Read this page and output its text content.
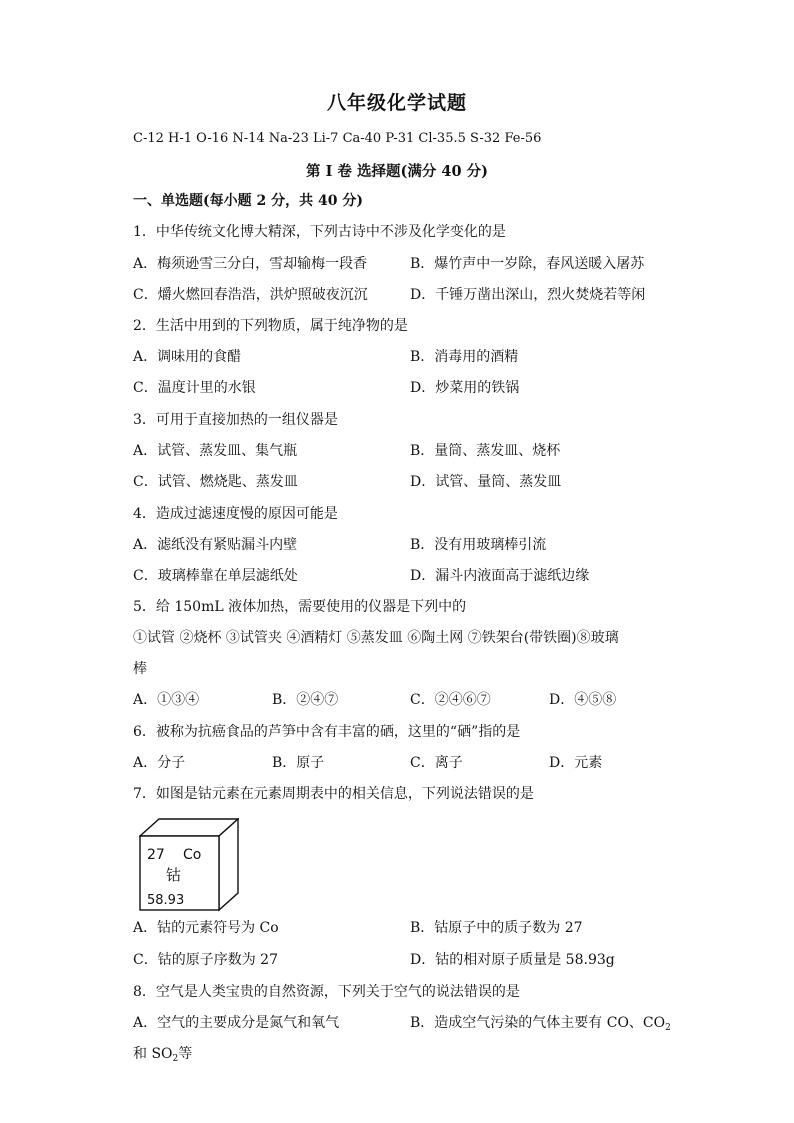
八年级化学试题
C-12 H-1 O-16 N-14 Na-23 Li-7 Ca-40 P-31 Cl-35.5 S-32 Fe-56
第 I 卷 选择题(满分 40 分)
一、单选题(每小题 2 分，共 40 分)
1．中华传统文化博大精深，下列古诗中不涉及化学变化的是
A．梅须逊雪三分白，雪却输梅一段香	B．爆竹声中一岁除，春风送暖入屠苏
C．爝火燃回春浩浩，洪炉照破夜沉沉	D．千锤万凿出深山，烈火焚烧若等闲
2．生活中用到的下列物质，属于纯净物的是
A．调味用的食醋	B．消毒用的酒精
C．温度计里的水银	D．炒菜用的铁锅
3．可用于直接加热的一组仪器是
A．试管、蒸发皿、集气瓶	B．量筒、蒸发皿、烧杯
C．试管、燃烧匙、蒸发皿	D．试管、量筒、蒸发皿
4．造成过滤速度慢的原因可能是
A．滤纸没有紧贴漏斗内壁	B．没有用玻璃棒引流
C．玻璃棒靠在单层滤纸处	D．漏斗内液面高于滤纸边缘
5．给 150mL 液体加热，需要使用的仪器是下列中的
①试管 ②烧杯 ③试管夹 ④酒精灯 ⑤蒸发皿 ⑥陶土网 ⑦铁架台(带铁圈)⑧玻璃
棒
A．①③④	B．②④⑦	C．②④⑥⑦	D．④⑤⑧
6．被称为抗癌食品的芦笋中含有丰富的硒，这里的“硒”指的是
A．分子	B．原子	C．离子	D．元素
7．如图是钴元素在元素周期表中的相关信息，下列说法错误的是
27 Co
钴
58.93
A．钴的元素符号为 Co	B．钴原子中的质子数为 27
C．钴的原子序数为 27	D．钴的相对原子质量是 58.93g
8．空气是人类宝贵的自然资源，下列关于空气的说法错误的是
A．空气的主要成分是氮气和氧气	B．造成空气污染的气体主要有 CO、$CO_2$
和 $SO_2$等
